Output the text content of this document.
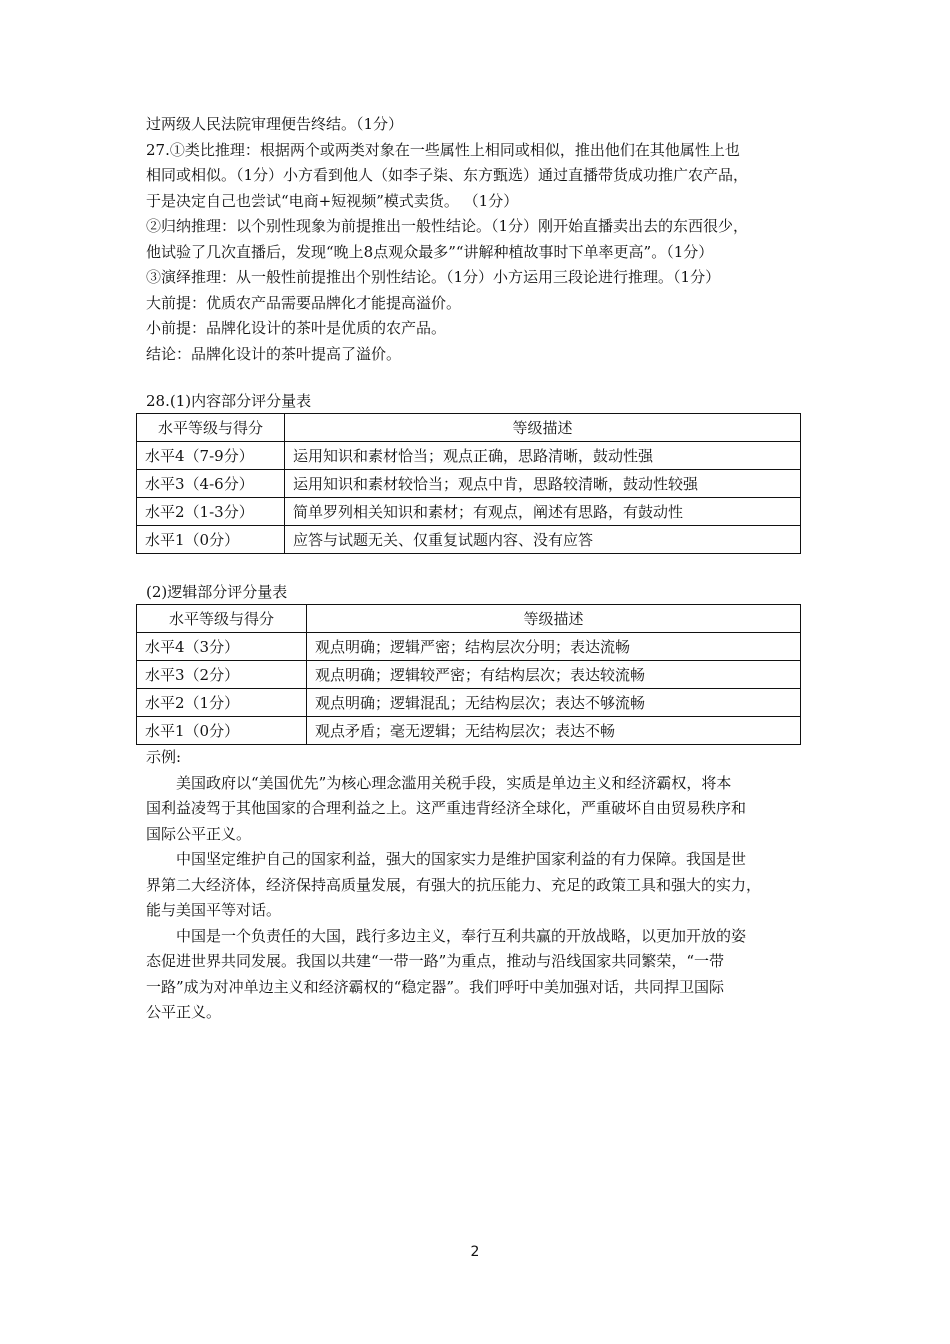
过两级人民法院审理便告终结。（1分）

27.①类比推理：根据两个或两类对象在一些属性上相同或相似，推出他们在其他属性上也

相同或相似。（1分）小方看到他人（如李子柒、东方甄选）通过直播带货成功推广农产品，

于是决定自己也尝试“电商+短视频”模式卖货。 （1分）

②归纳推理：以个别性现象为前提推出一般性结论。（1分）刚开始直播卖出去的东西很少，

他试验了几次直播后，发现“晚上8点观众最多”“讲解种植故事时下单率更高”。（1分）

③演绎推理：从一般性前提推出个别性结论。（1分）小方运用三段论进行推理。（1分）

大前提：优质农产品需要品牌化才能提高溢价。

小前提：品牌化设计的茶叶是优质的农产品。

结论：品牌化设计的茶叶提高了溢价。

28.(1)内容部分评分量表

水平等级与得分	等级描述
水平4（7-9分）	运用知识和素材恰当；观点正确，思路清晰，鼓动性强
水平3（4-6分）	运用知识和素材较恰当；观点中肯，思路较清晰，鼓动性较强
水平2（1-3分）	简单罗列相关知识和素材；有观点，阐述有思路，有鼓动性
水平1（0分）	应答与试题无关、仅重复试题内容、没有应答

(2)逻辑部分评分量表

水平等级与得分	等级描述
水平4（3分）	观点明确；逻辑严密；结构层次分明；表达流畅
水平3（2分）	观点明确；逻辑较严密；有结构层次；表达较流畅
水平2（1分）	观点明确；逻辑混乱；无结构层次；表达不够流畅
水平1（0分）	观点矛盾；毫无逻辑；无结构层次；表达不畅

示例:

美国政府以“美国优先”为核心理念滥用关税手段，实质是单边主义和经济霸权，将本

国利益凌驾于其他国家的合理利益之上。这严重违背经济全球化，严重破坏自由贸易秩序和

国际公平正义。

中国坚定维护自己的国家利益，强大的国家实力是维护国家利益的有力保障。我国是世

界第二大经济体，经济保持高质量发展，有强大的抗压能力、充足的政策工具和强大的实力，

能与美国平等对话。

中国是一个负责任的大国，践行多边主义，奉行互利共赢的开放战略，以更加开放的姿

态促进世界共同发展。我国以共建“一带一路”为重点，推动与沿线国家共同繁荣，“一带

一路”成为对冲单边主义和经济霸权的“稳定器”。我们呼吁中美加强对话，共同捍卫国际

公平正义。

2
